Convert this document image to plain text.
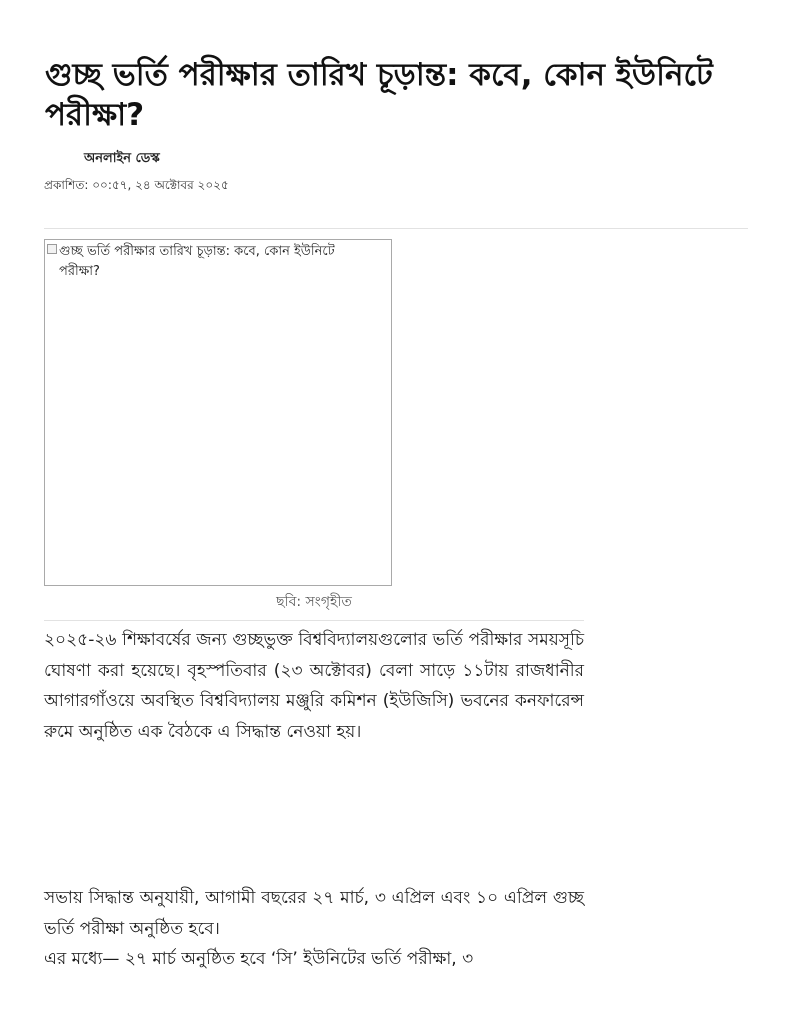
গুচ্ছ ভর্তি পরীক্ষার তারিখ চূড়ান্ত: কবে, কোন ইউনিটে পরীক্ষা?
অনলাইন ডেস্ক
প্রকাশিত: ০০:৫৭, ২৪ অক্টোবর ২০২৫
গুচ্ছ ভর্তি পরীক্ষার তারিখ চূড়ান্ত: কবে, কোন ইউনিটে পরীক্ষা?
ছবি: সংগৃহীত

২০২৫-২৬ শিক্ষাবর্ষের জন্য গুচ্ছভুক্ত বিশ্ববিদ্যালয়গুলোর ভর্তি পরীক্ষার সময়সূচি ঘোষণা করা হয়েছে। বৃহস্পতিবার (২৩ অক্টোবর) বেলা সাড়ে ১১টায় রাজধানীর আগারগাঁওয়ে অবস্থিত বিশ্ববিদ্যালয় মঞ্জুরি কমিশন (ইউজিসি) ভবনের কনফারেন্স রুমে অনুষ্ঠিত এক বৈঠকে এ সিদ্ধান্ত নেওয়া হয়।

সভায় সিদ্ধান্ত অনুযায়ী, আগামী বছরের ২৭ মার্চ, ৩ এপ্রিল এবং ১০ এপ্রিল গুচ্ছ ভর্তি পরীক্ষা অনুষ্ঠিত হবে।

এর মধ্যে— ২৭ মার্চ অনুষ্ঠিত হবে ‘সি’ ইউনিটের ভর্তি পরীক্ষা, ৩
